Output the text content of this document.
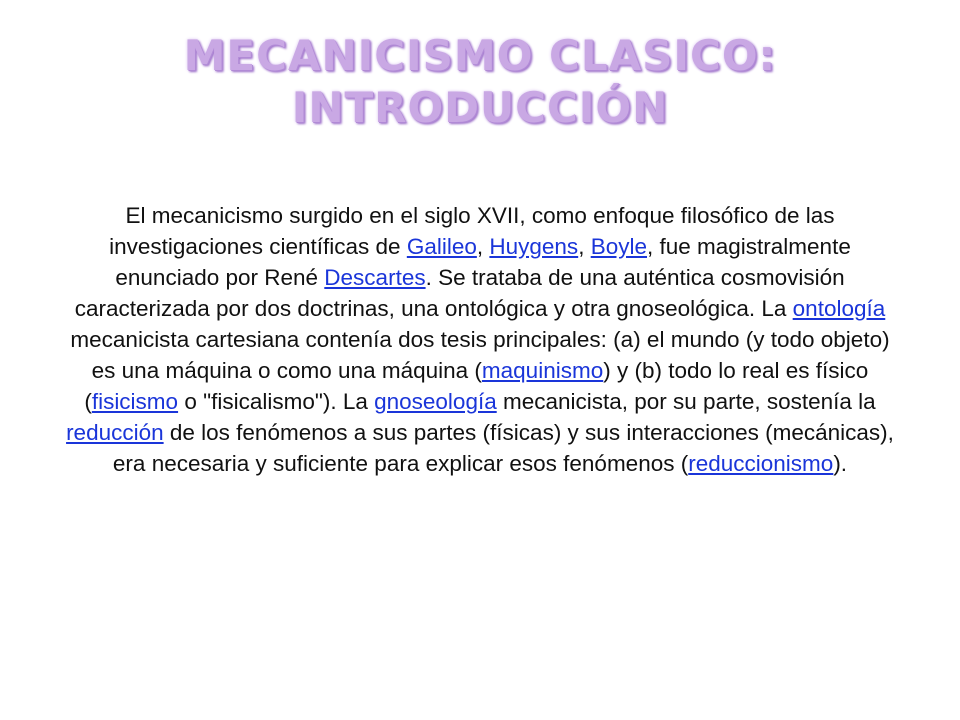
MECANICISMO CLASICO:
INTRODUCCIÓN
El mecanicismo surgido en el siglo XVII, como enfoque filosófico de las investigaciones científicas de Galileo, Huygens, Boyle, fue magistralmente enunciado por René Descartes. Se trataba de una auténtica cosmovisión caracterizada por dos doctrinas, una ontológica y otra gnoseológica. La ontología mecanicista cartesiana contenía dos tesis principales: (a) el mundo (y todo objeto) es una máquina o como una máquina (maquinismo) y (b) todo lo real es físico (fisicismo o "fisicalismo"). La gnoseología mecanicista, por su parte, sostenía la reducción de los fenómenos a sus partes (físicas) y sus interacciones (mecánicas), era necesaria y suficiente para explicar esos fenómenos (reduccionismo).
